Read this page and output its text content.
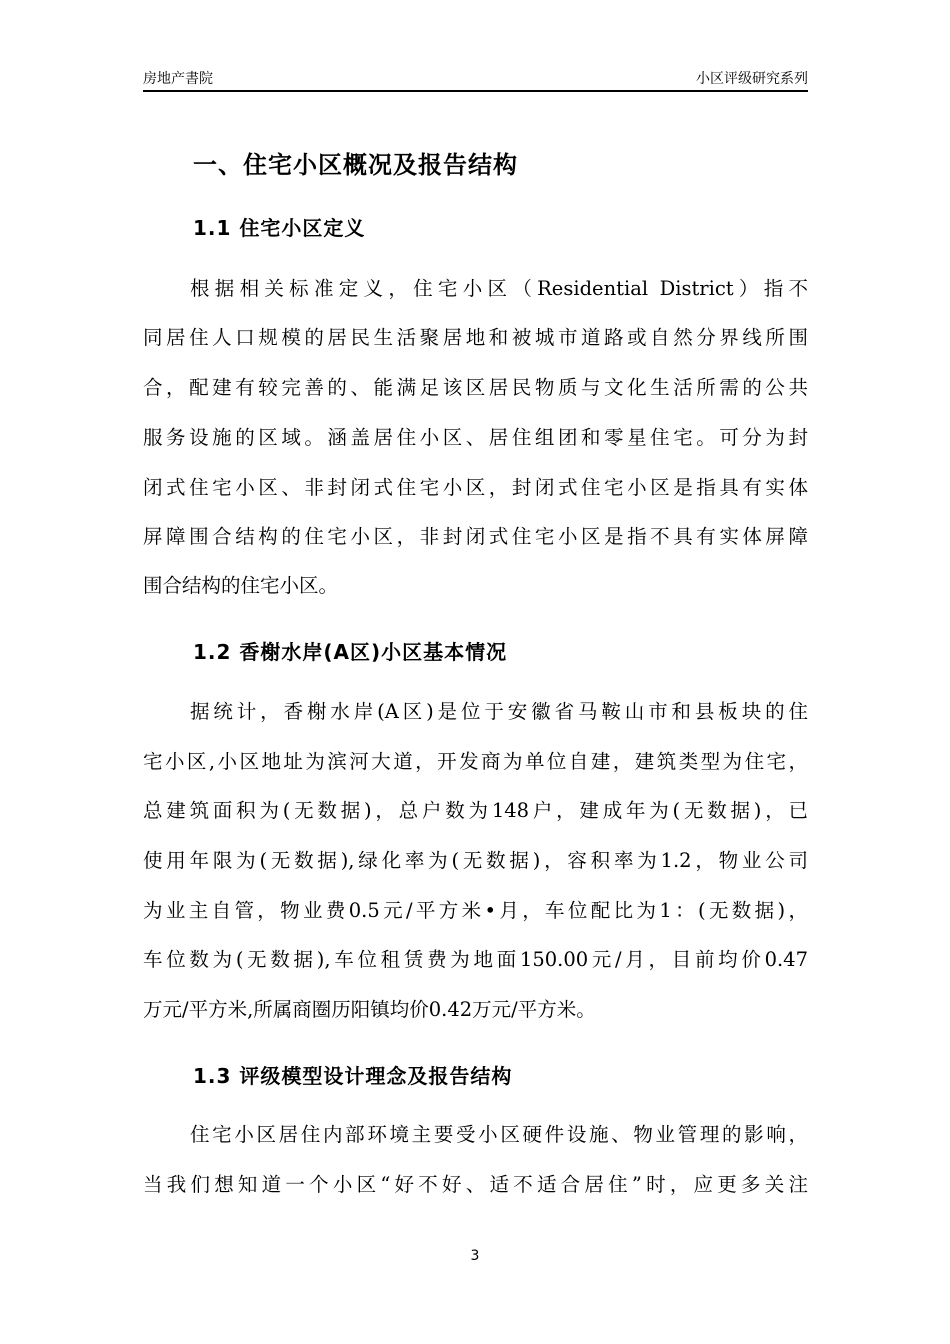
房地产書院	小区评级研究系列
一、住宅小区概况及报告结构
1.1 住宅小区定义
根据相关标准定义，住宅小区（Residential District）指不
同居住人口规模的居民生活聚居地和被城市道路或自然分界线所围
合，配建有较完善的、能满足该区居民物质与文化生活所需的公共
服务设施的区域。涵盖居住小区、居住组团和零星住宅。可分为封
闭式住宅小区、非封闭式住宅小区，封闭式住宅小区是指具有实体
屏障围合结构的住宅小区，非封闭式住宅小区是指不具有实体屏障
围合结构的住宅小区。
1.2 香榭水岸(A区)小区基本情况
据统计，香榭水岸(A区)是位于安徽省马鞍山市和县板块的住
宅小区,小区地址为滨河大道，开发商为单位自建，建筑类型为住宅，
总建筑面积为(无数据)，总户数为148户，建成年为(无数据)，已
使用年限为(无数据),绿化率为(无数据)，容积率为1.2，物业公司
为业主自管，物业费0.5元/平方米•月，车位配比为1：(无数据)，
车位数为(无数据),车位租赁费为地面150.00元/月，目前均价0.47
万元/平方米,所属商圈历阳镇均价0.42万元/平方米。
1.3 评级模型设计理念及报告结构
住宅小区居住内部环境主要受小区硬件设施、物业管理的影响，
当我们想知道一个小区“好不好、适不适合居住”时，应更多关注
3
